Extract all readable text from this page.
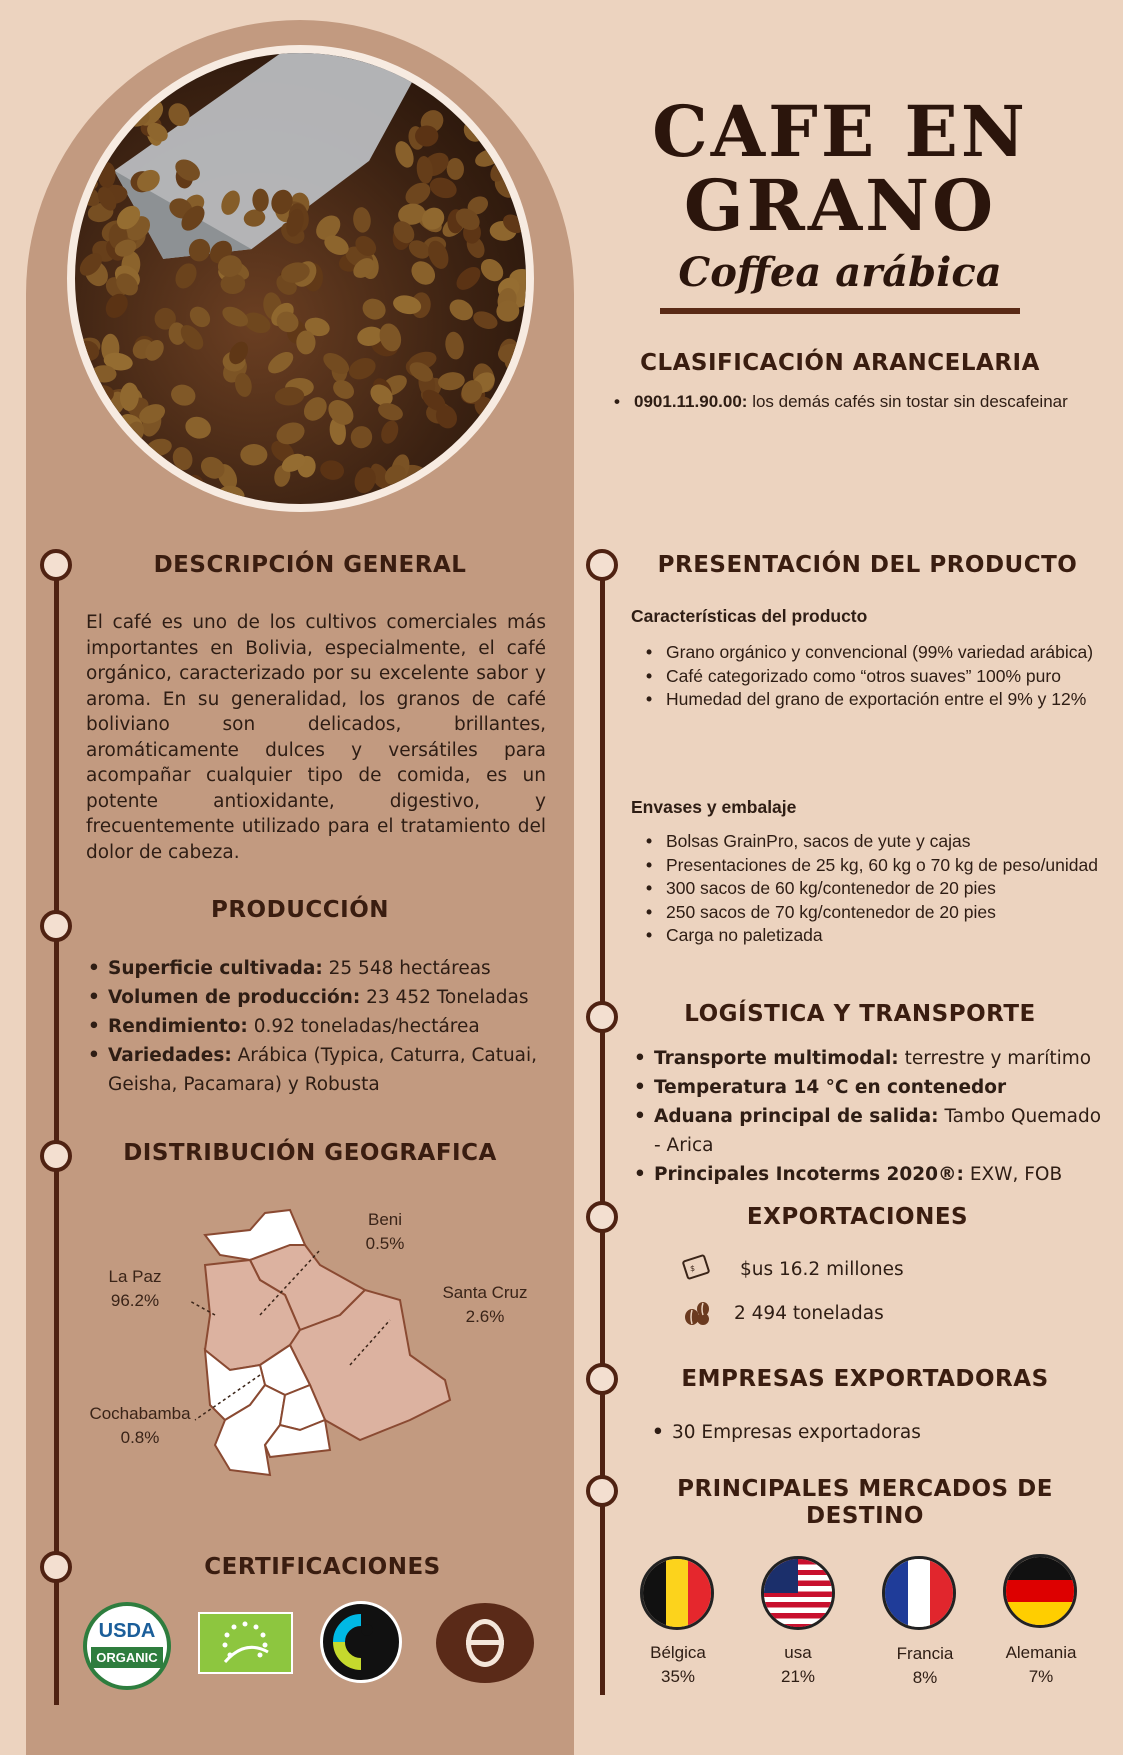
CAFE EN
GRANO
Coffea arábica
CLASIFICACIÓN ARANCELARIA
• 0901.11.90.00: los demás cafés sin tostar sin descafeinar
DESCRIPCIÓN GENERAL

El café es uno de los cultivos comerciales más importantes en Bolivia, especialmente, el café orgánico, caracterizado por su excelente sabor y aroma. En su generalidad, los granos de café boliviano son delicados, brillantes, aromáticamente dulces y versátiles para acompañar cualquier tipo de comida, es un potente antioxidante, digestivo, y frecuentemente utilizado para el tratamiento del dolor de cabeza.

PRODUCCIÓN
• Superficie cultivada: 25 548 hectáreas
• Volumen de producción: 23 452 Toneladas
• Rendimiento: 0.92 toneladas/hectárea
• Variedades: Arábica (Typica, Caturra, Catuai, Geisha, Pacamara) y Robusta
DISTRIBUCIÓN GEOGRAFICA
Beni
0.5%
La Paz
96.2%	Santa Cruz
2.6%
Cochabamba
0.8%
CERTIFICACIONES
USDA
ORGANIC
PRESENTACIÓN DEL PRODUCTO
Características del producto
• Grano orgánico y convencional (99% variedad arábica)
• Café categorizado como “otros suaves” 100% puro
• Humedad del grano de exportación entre el 9% y 12%
Envases y embalaje
• Bolsas GrainPro, sacos de yute y cajas
• Presentaciones de 25 kg, 60 kg o 70 kg de peso/unidad
• 300 sacos de 60 kg/contenedor de 20 pies
• 250 sacos de 70 kg/contenedor de 20 pies
• Carga no paletizada
LOGÍSTICA Y TRANSPORTE
• Transporte multimodal: terrestre y marítimo
• Temperatura 14 °C en contenedor
• Aduana principal de salida: Tambo Quemado - Arica
• Principales Incoterms 2020®: EXW, FOB
EXPORTACIONES
$ $us 16.2 millones
2 494 toneladas
EMPRESAS EXPORTADORAS
• 30 Empresas exportadoras
PRINCIPALES MERCADOS DE
DESTINO
Bélgica
35%
usa
21%
Francia
8%
Alemania
7%
